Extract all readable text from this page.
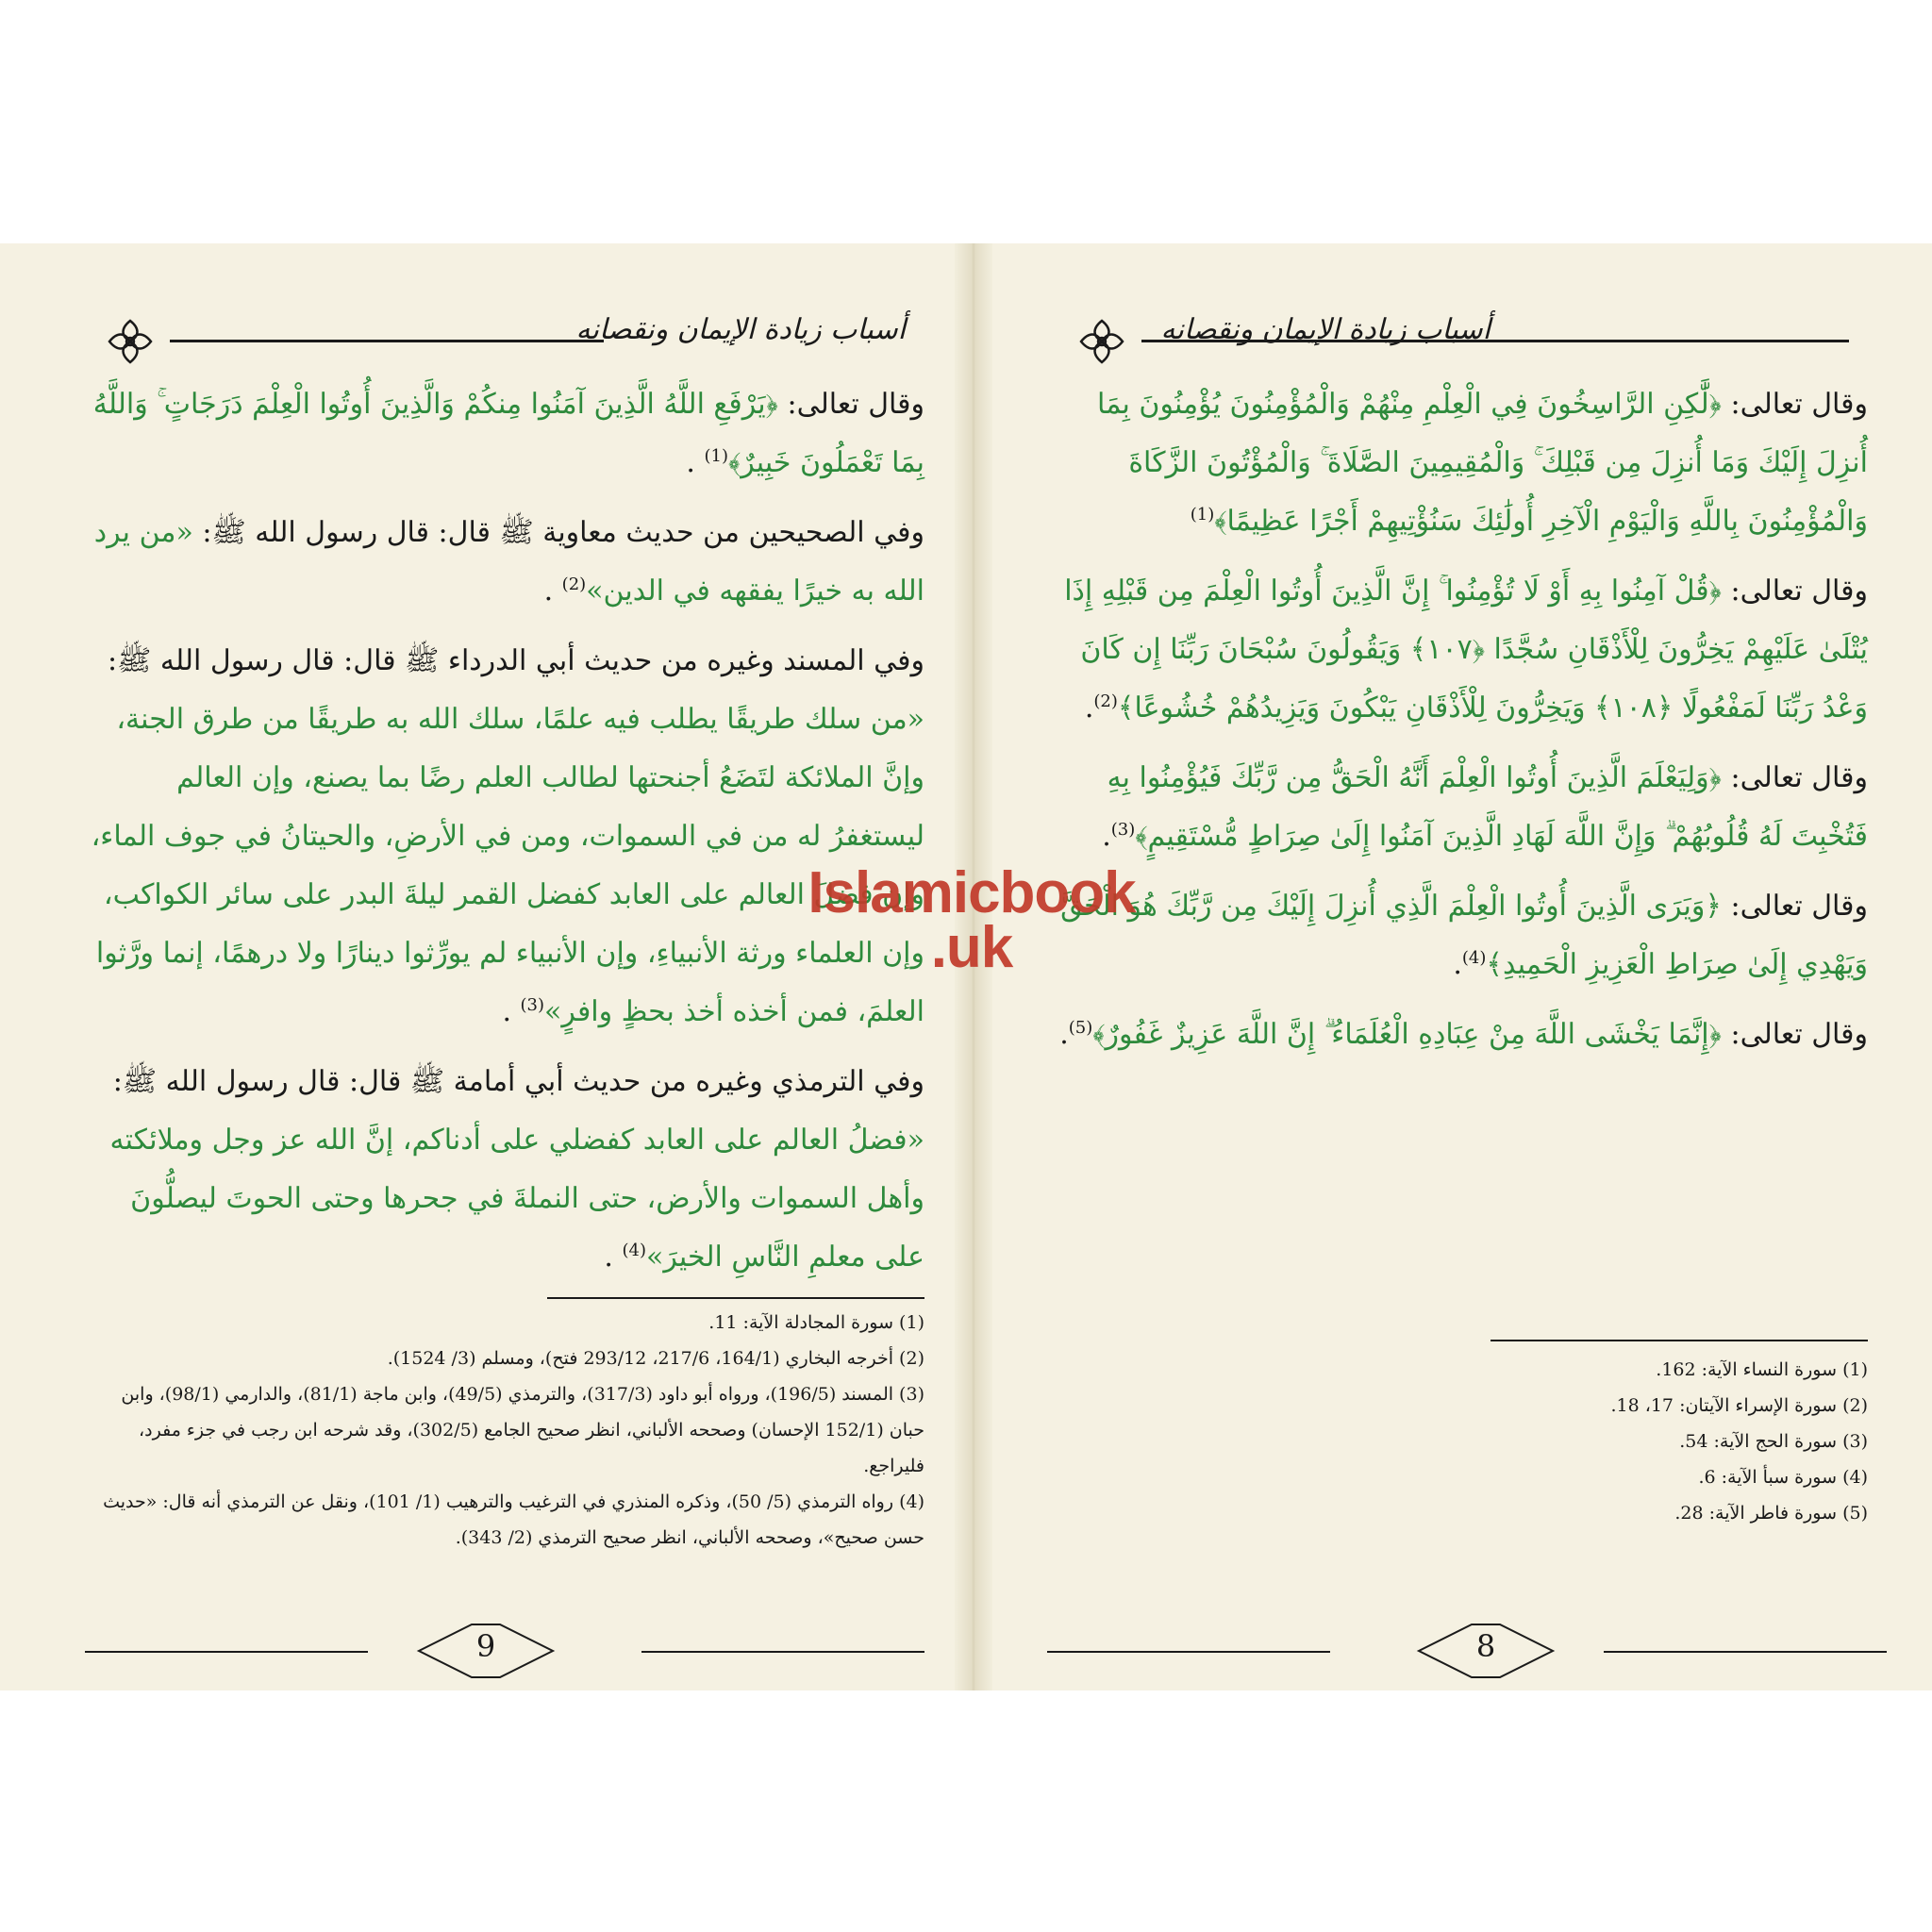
أسباب زيادة الإيمان ونقصانه

وقال تعالى: ﴿يَرْفَعِ اللَّهُ الَّذِينَ آمَنُوا مِنكُمْ وَالَّذِينَ أُوتُوا الْعِلْمَ دَرَجَاتٍ ۚ وَاللَّهُ بِمَا تَعْمَلُونَ خَبِيرٌ﴾$^{(1)}$ .

وفي الصحيحين من حديث معاوية ﷺ قال: قال رسول الله ﷺ: «من يرد الله به خيرًا يفقهه في الدين»$^{(2)}$ .

وفي المسند وغيره من حديث أبي الدرداء ﷺ قال: قال رسول الله ﷺ: «من سلك طريقًا يطلب فيه علمًا، سلك الله به طريقًا من طرق الجنة، وإنَّ الملائكة لتَضَعُ أجنحتها لطالب العلم رضًا بما يصنع، وإن العالم ليستغفرُ له من في السموات، ومن في الأرضِ، والحيتانُ في جوف الماء، وإن فضلَ العالم على العابد كفضل القمر ليلةَ البدر على سائر الكواكب، وإن العلماء ورثة الأنبياءِ، وإن الأنبياء لم يورِّثوا دينارًا ولا درهمًا، إنما ورَّثوا العلمَ، فمن أخذه أخذ بحظٍ وافرٍ»$^{(3)}$ .

وفي الترمذي وغيره من حديث أبي أمامة ﷺ قال: قال رسول الله ﷺ: «فضلُ العالم على العابد كفضلي على أدناكم، إنَّ الله عز وجل وملائكته وأهل السموات والأرض، حتى النملةَ في جحرها وحتى الحوتَ ليصلُّونَ على معلمِ النَّاسِ الخيرَ»$^{(4)}$ .

(1) سورة المجادلة الآية: 11.

(2) أخرجه البخاري (164/1، 217/6، 293/12 فتح)، ومسلم (3/ 1524).

(3) المسند (196/5)، ورواه أبو داود (317/3)، والترمذي (49/5)، وابن ماجة (81/1)، والدارمي (98/1)، وابن حبان (152/1 الإحسان) وصححه الألباني، انظر صحيح الجامع (302/5)، وقد شرحه ابن رجب في جزء مفرد، فليراجع.

(4) رواه الترمذي (5/ 50)، وذكره المنذري في الترغيب والترهيب (1/ 101)، ونقل عن الترمذي أنه قال: «حديث حسن صحيح»، وصححه الألباني، انظر صحيح الترمذي (2/ 343).

9
أسباب زيادة الإيمان ونقصانه

وقال تعالى: ﴿لَّٰكِنِ الرَّاسِخُونَ فِي الْعِلْمِ مِنْهُمْ وَالْمُؤْمِنُونَ يُؤْمِنُونَ بِمَا أُنزِلَ إِلَيْكَ وَمَا أُنزِلَ مِن قَبْلِكَ ۚ وَالْمُقِيمِينَ الصَّلَاةَ ۚ وَالْمُؤْتُونَ الزَّكَاةَ وَالْمُؤْمِنُونَ بِاللَّهِ وَالْيَوْمِ الْآخِرِ أُولَٰئِكَ سَنُؤْتِيهِمْ أَجْرًا عَظِيمًا﴾$^{(1)}$

وقال تعالى: ﴿قُلْ آمِنُوا بِهِ أَوْ لَا تُؤْمِنُوا ۚ إِنَّ الَّذِينَ أُوتُوا الْعِلْمَ مِن قَبْلِهِ إِذَا يُتْلَىٰ عَلَيْهِمْ يَخِرُّونَ لِلْأَذْقَانِ سُجَّدًا ﴿١٠٧﴾ وَيَقُولُونَ سُبْحَانَ رَبِّنَا إِن كَانَ وَعْدُ رَبِّنَا لَمَفْعُولًا ﴿١٠٨﴾ وَيَخِرُّونَ لِلْأَذْقَانِ يَبْكُونَ وَيَزِيدُهُمْ خُشُوعًا﴾$^{(2)}$.

وقال تعالى: ﴿وَلِيَعْلَمَ الَّذِينَ أُوتُوا الْعِلْمَ أَنَّهُ الْحَقُّ مِن رَّبِّكَ فَيُؤْمِنُوا بِهِ فَتُخْبِتَ لَهُ قُلُوبُهُمْ ۗ وَإِنَّ اللَّهَ لَهَادِ الَّذِينَ آمَنُوا إِلَىٰ صِرَاطٍ مُّسْتَقِيمٍ﴾$^{(3)}$.

وقال تعالى: ﴿وَيَرَى الَّذِينَ أُوتُوا الْعِلْمَ الَّذِي أُنزِلَ إِلَيْكَ مِن رَّبِّكَ هُوَ الْحَقَّ وَيَهْدِي إِلَىٰ صِرَاطِ الْعَزِيزِ الْحَمِيدِ﴾$^{(4)}$.

وقال تعالى: ﴿إِنَّمَا يَخْشَى اللَّهَ مِنْ عِبَادِهِ الْعُلَمَاءُ ۗ إِنَّ اللَّهَ عَزِيزٌ غَفُورٌ﴾$^{(5)}$.

(1) سورة النساء الآية: 162.

(2) سورة الإسراء الآيتان: 17، 18.

(3) سورة الحج الآية: 54.

(4) سورة سبأ الآية: 6.

(5) سورة فاطر الآية: 28.

8
Islamicbook
.uk
